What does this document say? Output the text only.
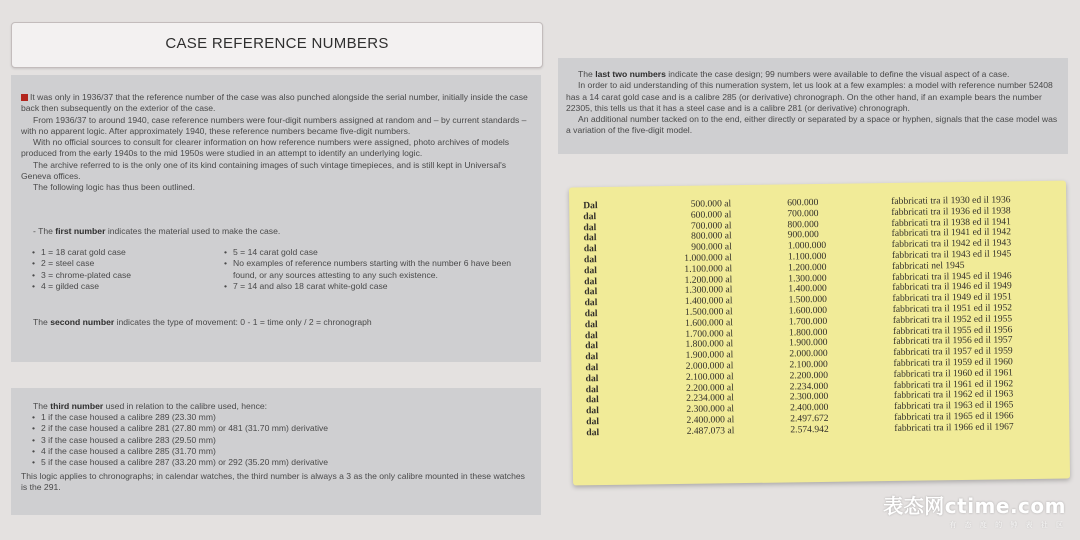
CASE REFERENCE NUMBERS
It was only in 1936/37 that the reference number of the case was also punched alongside the serial number, initially inside the case back then subsequently on the exterior of the case.
From 1936/37 to around 1940, case reference numbers were four-digit numbers assigned at random and – by current standards – with no apparent logic. After approximately 1940, these reference numbers became five-digit numbers.
With no official sources to consult for clearer information on how reference numbers were assigned, photo archives of models produced from the early 1940s to the mid 1950s were studied in an attempt to identify an underlying logic.
The archive referred to is the only one of its kind containing images of such vintage timepieces, and is still kept in Universal's Geneva offices.
The following logic has thus been outlined.
- The first number indicates the material used to make the case.
• 1 = 18 carat gold case
• 2 = steel case
• 3 = chrome-plated case
• 4 = gilded case
• 5 = 14 carat gold case
• No examples of reference numbers starting with the number 6 have been found, or any sources attesting to any such existence.
• 7 = 14 and also 18 carat white-gold case
The second number indicates the type of movement: 0 - 1 = time only / 2 = chronograph
The third number used in relation to the calibre used, hence:
• 1 if the case housed a calibre 289 (23.30 mm)
• 2 if the case housed a calibre 281 (27.80 mm) or 481 (31.70 mm) derivative
• 3 if the case housed a calibre 283 (29.50 mm)
• 4 if the case housed a calibre 285 (31.70 mm)
• 5 if the case housed a calibre 287 (33.20 mm) or 292 (35.20 mm) derivative
This logic applies to chronographs; in calendar watches, the third number is always a 3 as the only calibre mounted in these watches is the 291.
The last two numbers indicate the case design; 99 numbers were available to define the visual aspect of a case.
In order to aid understanding of this numeration system, let us look at a few examples: a model with reference number 52408 has a 14 carat gold case and is a calibre 285 (or derivative) chronograph. On the other hand, if an example bears the number 22305, this tells us that it has a steel case and is a calibre 281 (or derivative) chronograph.
An additional number tacked on to the end, either directly or separated by a space or hyphen, signals that the case model was a variation of the five-digit model.
Dal
dal
dal
dal
dal
dal
dal
dal
dal
dal
dal
dal
dal
dal
dal
dal
dal
dal
dal
dal
dal
dal
500.000 al
600.000 al
700.000 al
800.000 al
900.000 al
1.000.000 al
1.100.000 al
1.200.000 al
1.300.000 al
1.400.000 al
1.500.000 al
1.600.000 al
1.700.000 al
1.800.000 al
1.900.000 al
2.000.000 al
2.100.000 al
2.200.000 al
2.234.000 al
2.300.000 al
2.400.000 al
2.487.073 al
600.000
700.000
800.000
900.000
1.000.000
1.100.000
1.200.000
1.300.000
1.400.000
1.500.000
1.600.000
1.700.000
1.800.000
1.900.000
2.000.000
2.100.000
2.200.000
2.234.000
2.300.000
2.400.000
2.497.672
2.574.942
fabbricati tra il 1930 ed il 1936
fabbricati tra il 1936 ed il 1938
fabbricati tra il 1938 ed il 1941
fabbricati tra il 1941 ed il 1942
fabbricati tra il 1942 ed il 1943
fabbricati tra il 1943 ed il 1945
fabbricati nel 1945
fabbricati tra il 1945 ed il 1946
fabbricati tra il 1946 ed il 1949
fabbricati tra il 1949 ed il 1951
fabbricati tra il 1951 ed il 1952
fabbricati tra il 1952 ed il 1955
fabbricati tra il 1955 ed il 1956
fabbricati tra il 1956 ed il 1957
fabbricati tra il 1957 ed il 1959
fabbricati tra il 1959 ed il 1960
fabbricati tra il 1960 ed il 1961
fabbricati tra il 1961 ed il 1962
fabbricati tra il 1962 ed il 1963
fabbricati tra il 1963 ed il 1965
fabbricati tra il 1965 ed il 1966
fabbricati tra il 1966 ed il 1967
表态网ctime.com
有 态 度 的 钟 表 社 区
